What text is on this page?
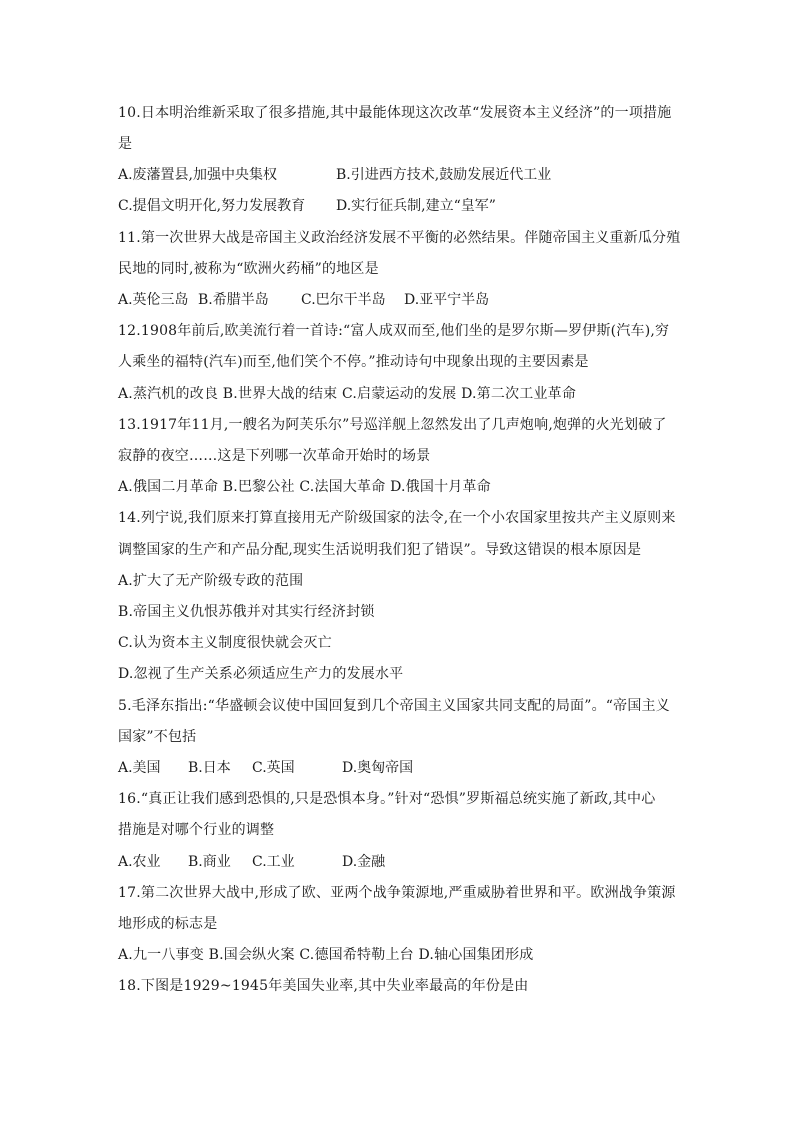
10.日本明治维新采取了很多措施,其中最能体现这次改革“发展资本主义经济”的一项措施
是
A.废藩置县,加强中央集权	B.引进西方技术,鼓励发展近代工业
C.提倡文明开化,努力发展教育 D.实行征兵制,建立“皇军”
11.第一次世界大战是帝国主义政治经济发展不平衡的必然结果。伴随帝国主义重新瓜分殖
民地的同时,被称为“欧洲火药桶”的地区是
A.英伦三岛 B.希腊半岛 C.巴尔干半岛 D.亚平宁半岛
12.1908年前后,欧美流行着一首诗:“富人成双而至,他们坐的是罗尔斯—罗伊斯(汽车),穷
人乘坐的福特(汽车)而至,他们笑个不停。”推动诗句中现象出现的主要因素是
A.蒸汽机的改良 B.世界大战的结束 C.启蒙运动的发展 D.第二次工业革命
13.1917年11月,一艘名为阿芙乐尔”号巡洋舰上忽然发出了几声炮响,炮弹的火光划破了
寂静的夜空……这是下列哪一次革命开始时的场景
A.俄国二月革命 B.巴黎公社 C.法国大革命 D.俄国十月革命
14.列宁说,我们原来打算直接用无产阶级国家的法令,在一个小农国家里按共产主义原则来
调整国家的生产和产品分配,现实生活说明我们犯了错误”。导致这错误的根本原因是
A.扩大了无产阶级专政的范围
B.帝国主义仇恨苏俄并对其实行经济封锁
C.认为资本主义制度很快就会灭亡
D.忽视了生产关系必须适应生产力的发展水平
5.毛泽东指出:“华盛顿会议使中国回复到几个帝国主义国家共同支配的局面”。“帝国主义
国家”不包括
A.美国 B.日本 C.英国	D.奥匈帝国
16.“真正让我们感到恐惧的,只是恐惧本身。”针对“恐惧”罗斯福总统实施了新政,其中心
措施是对哪个行业的调整
A.农业 B.商业 C.工业	D.金融
17.第二次世界大战中,形成了欧、亚两个战争策源地,严重威胁着世界和平。欧洲战争策源
地形成的标志是
A.九一八事变 B.国会纵火案 C.德国希特勒上台 D.轴心国集团形成
18.下图是1929~1945年美国失业率,其中失业率最高的年份是由
